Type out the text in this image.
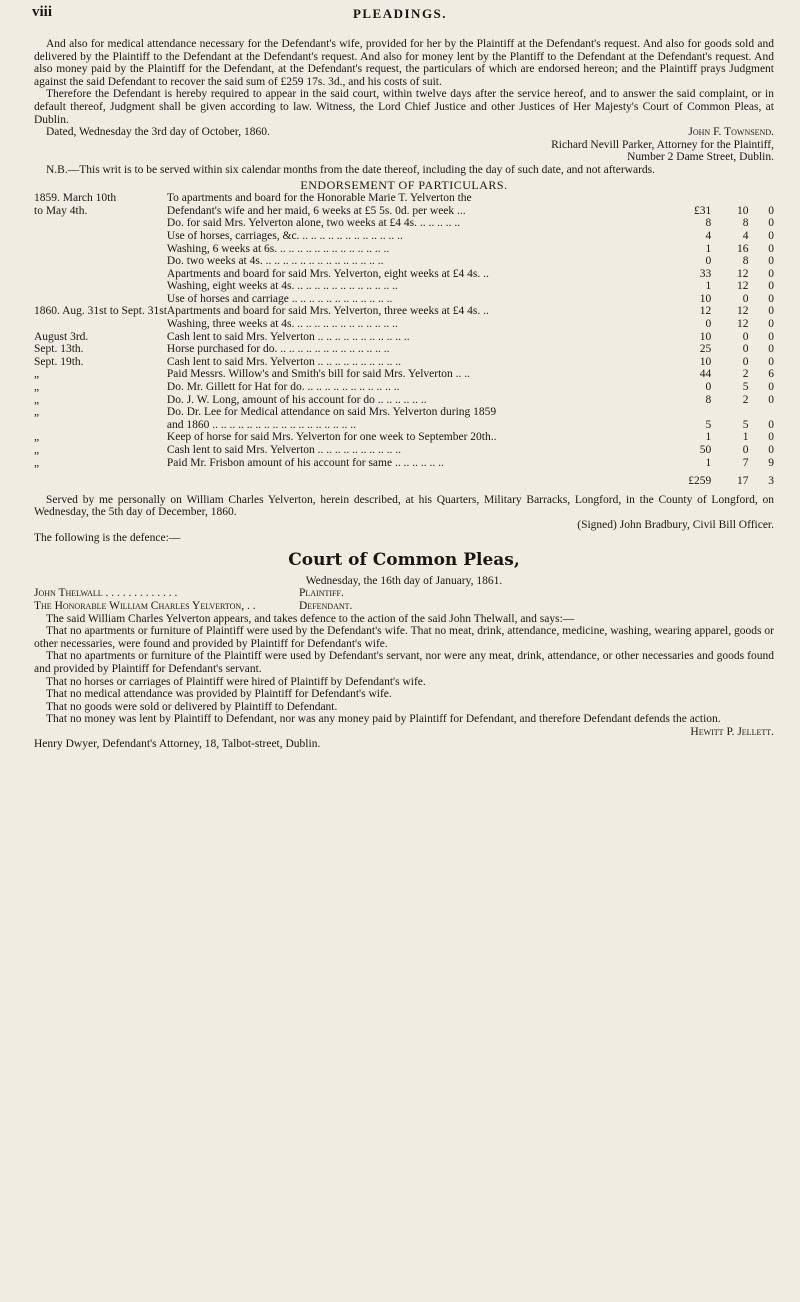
viii	PLEADINGS.

And also for medical attendance necessary for the Defendant's wife, provided for her by the Plaintiff at the Defendant's request. And also for goods sold and delivered by the Plaintiff to the Defendant at the Defendant's request. And also for money lent by the Plantiff to the Defendant at the Defendant's request. And also money paid by the Plaintiff for the Defendant, at the Defendant's request, the particulars of which are endorsed hereon; and the Plaintiff prays Judgment against the said Defendant to recover the said sum of £259 17s. 3d., and his costs of suit.

Therefore the Defendant is hereby required to appear in the said court, within twelve days after the service hereof, and to answer the said complaint, or in default thereof, Judgment shall be given according to law. Witness, the Lord Chief Justice and other Justices of Her Majesty's Court of Common Pleas, at Dublin.

Dated, Wednesday the 3rd day of October, 1860.	John F. Townsend.

Richard Nevill Parker, Attorney for the Plaintiff,

Number 2 Dame Street, Dublin.

N.B.—This writ is to be served within six calendar months from the date thereof, including the day of such date, and not afterwards.

ENDORSEMENT OF PARTICULARS.
1859. March 10th	To apartments and board for the Honorable Marie T. Yelverton the			
to May 4th.	Defendant's wife and her maid, 6 weeks at £5 5s. 0d. per week ...	£31	10	0
	Do. for said Mrs. Yelverton alone, two weeks at £4 4s. .. .. .. .. ..	8	8	0
	Use of horses, carriages, &c. .. .. .. .. .. .. .. .. .. .. .. ..	4	4	0
	Washing, 6 weeks at 6s. .. .. .. .. .. .. .. .. .. .. .. .. ..	1	16	0
	Do. two weeks at 4s. .. .. .. .. .. .. .. .. .. .. .. .. .. ..	0	8	0
	Apartments and board for said Mrs. Yelverton, eight weeks at £4 4s. ..	33	12	0
	Washing, eight weeks at 4s. .. .. .. .. .. .. .. .. .. .. .. ..	1	12	0
	Use of horses and carriage .. .. .. .. .. .. .. .. .. .. .. ..	10	0	0
1860. Aug. 31st to Sept. 31st	Apartments and board for said Mrs. Yelverton, three weeks at £4 4s. ..	12	12	0
	Washing, three weeks at 4s. .. .. .. .. .. .. .. .. .. .. .. ..	0	12	0
August 3rd.	Cash lent to said Mrs. Yelverton .. .. .. .. .. .. .. .. .. .. ..	10	0	0
Sept. 13th.	Horse purchased for do. .. .. .. .. .. .. .. .. .. .. .. .. ..	25	0	0
Sept. 19th.	Cash lent to said Mrs. Yelverton .. .. .. .. .. .. .. .. .. ..	10	0	0
„	Paid Messrs. Willow's and Smith's bill for said Mrs. Yelverton .. ..	44	2	6
„	Do. Mr. Gillett for Hat for do. .. .. .. .. .. .. .. .. .. .. ..	0	5	0
„	Do. J. W. Long, amount of his account for do .. .. .. .. .. ..	8	2	0
„	Do. Dr. Lee for Medical attendance on said Mrs. Yelverton during 1859			
	and 1860 .. .. .. .. .. .. .. .. .. .. .. .. .. .. .. .. ..	5	5	0
„	Keep of horse for said Mrs. Yelverton for one week to September 20th..	1	1	0
„	Cash lent to said Mrs. Yelverton .. .. .. .. .. .. .. .. .. ..	50	0	0
„	Paid Mr. Frisbon amount of his account for same .. .. .. .. .. ..	1	7	9
		£259	17	3

Served by me personally on William Charles Yelverton, herein described, at his Quarters, Military Barracks, Longford, in the County of Longford, on Wednesday, the 5th day of December, 1860.

(Signed) John Bradbury, Civil Bill Officer.

The following is the defence:—

Court of Common Pleas,

Wednesday, the 16th day of January, 1861.

John Thelwall . . . . . . . . . . . . .	Plaintiff.
The Honorable William Charles Yelverton, . .	Defendant.

The said William Charles Yelverton appears, and takes defence to the action of the said John Thelwall, and says:—

That no apartments or furniture of Plaintiff were used by the Defendant's wife. That no meat, drink, attendance, medicine, washing, wearing apparel, goods or other necessaries, were found and provided by Plaintiff for Defendant's wife.

That no apartments or furniture of the Plaintiff were used by Defendant's servant, nor were any meat, drink, attendance, or other necessaries and goods found and provided by Plaintiff for Defendant's servant.

That no horses or carriages of Plaintiff were hired of Plaintiff by Defendant's wife.

That no medical attendance was provided by Plaintiff for Defendant's wife.

That no goods were sold or delivered by Plaintiff to Defendant.

That no money was lent by Plaintiff to Defendant, nor was any money paid by Plaintiff for Defendant, and therefore Defendant defends the action.

Hewitt P. Jellett.

Henry Dwyer, Defendant's Attorney, 18, Talbot-street, Dublin.
